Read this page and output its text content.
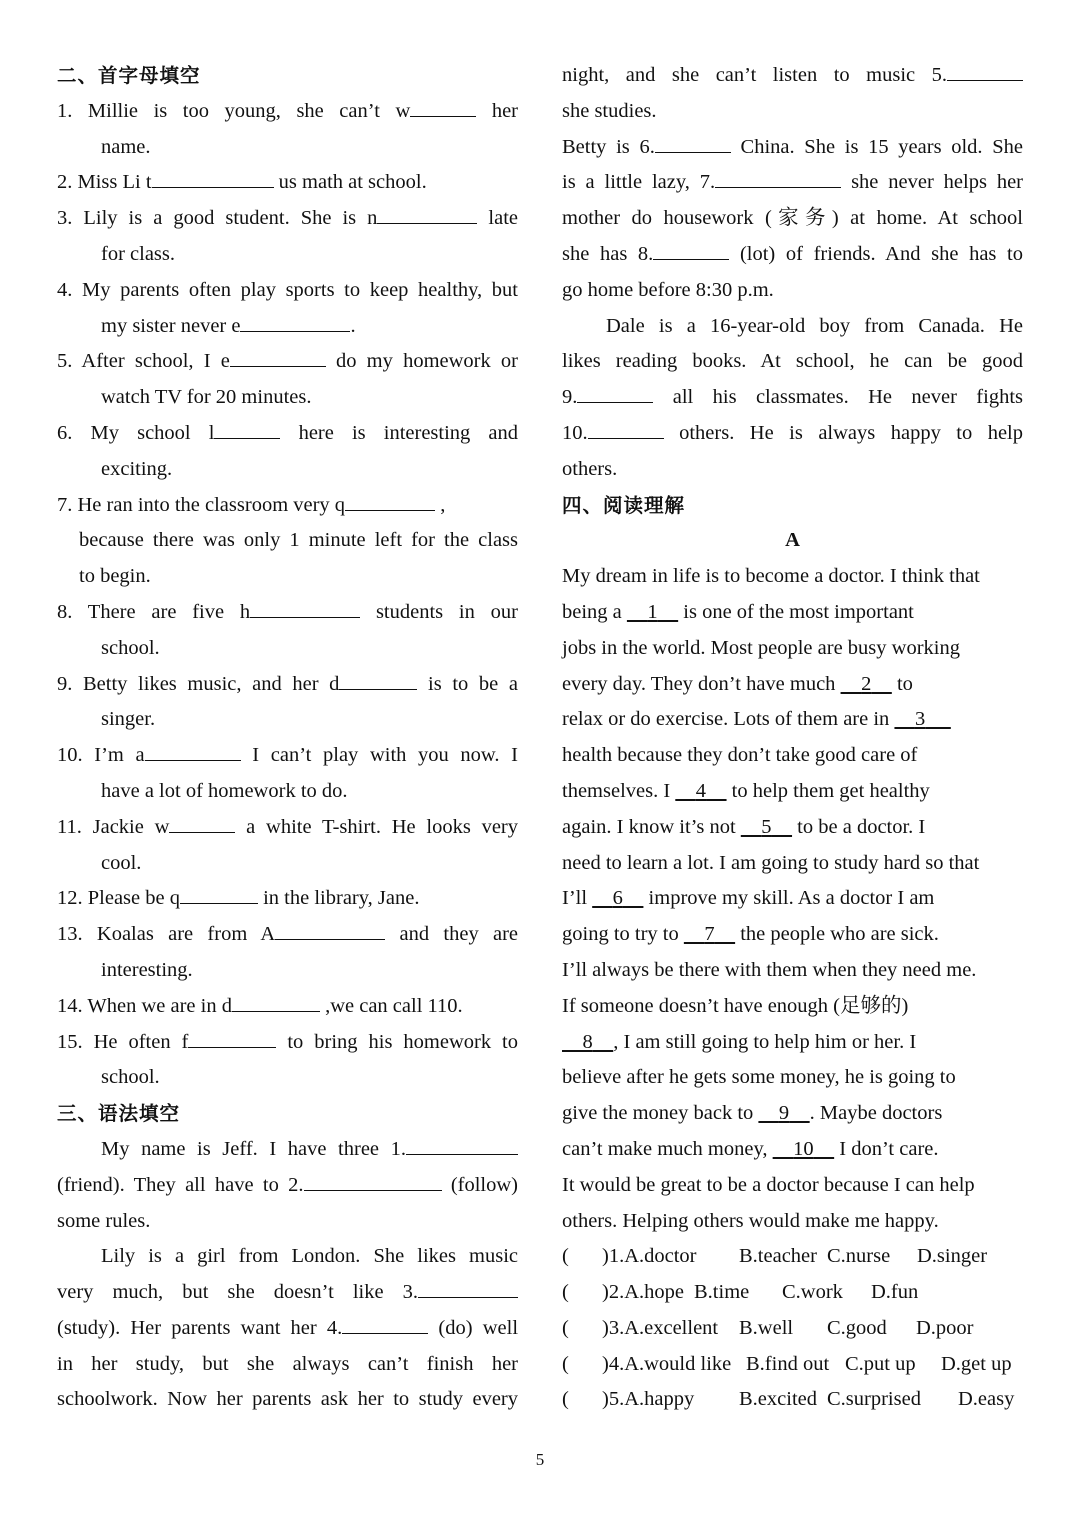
二、首字母填空
1. Millie is too young, she can’t w	her
name.
2. Miss Li t	us math at school.
3. Lily is a good student. She is n	late
for class.
4. My parents often play sports to keep healthy, but
my sister never e	.
5. After school, I e	do my homework or
watch TV for 20 minutes.
6. My school l	here is interesting and
exciting.
7. He ran into the classroom very q	,
because there was only 1 minute left for the class
to begin.
8. There are five h	students in our
school.
9. Betty likes music, and her d	is to be a
singer.
10. I’m a	I can’t play with you now. I
have a lot of homework to do.
11. Jackie w	a white T-shirt. He looks very
cool.
12. Please be q	in the library, Jane.
13. Koalas are from A	and they are
interesting.
14. When we are in d	,we can call 110.
15. He often f	to bring his homework to
school.
三、语法填空
My name is Jeff. I have three 1.
(friend). They all have to 2.	(follow)
some rules.
Lily is a girl from London. She likes music
very much, but she doesn’t like 3.
(study). Her parents want her 4.	(do) well
in her study, but she always can’t finish her
schoolwork. Now her parents ask her to study every
night, and she can’t listen to music 5.
she studies.
Betty is 6.	China. She is 15 years old. She
is a little lazy, 7.	she never helps her
mother do housework (家务) at home. At school
she has 8.	(lot) of friends. And she has to
go home before 8:30 p.m.
Dale is a 16-year-old boy from Canada. He
likes reading books. At school, he can be good
9.	all his classmates. He never fights
10.	others. He is always happy to help
others.
四、阅读理解
A
My dream in life is to become a doctor. I think that
being a     1     is one of the most important
jobs in the world. Most people are busy working
every day. They don’t have much     2     to
relax or do exercise. Lots of them are in     3
health because they don’t take good care of
themselves. I     4     to help them get healthy
again. I know it’s not     5     to be a doctor. I
need to learn a lot. I am going to study hard so that
I’ll     6     improve my skill. As a doctor I am
going to try to     7     the people who are sick.
I’ll always be there with them when they need me.
If someone doesn’t have enough (足够的)
8 , I am still going to help him or her. I
believe after he gets some money, he is going to
give the money back to     9 . Maybe doctors
can’t make much money,     10     I don’t care.
It would be great to be a doctor because I can help
others. Helping others would make me happy.
(	)1.A.doctor	B.teacher C.nurse	D.singer
(	)2.A.hope B.time	C.work	D.fun
(	)3.A.excellent	B.well	C.good	D.poor
(	)4.A.would like B.find out C.put up	D.get up
(	)5.A.happy	B.excited C.surprised	D.easy
5
